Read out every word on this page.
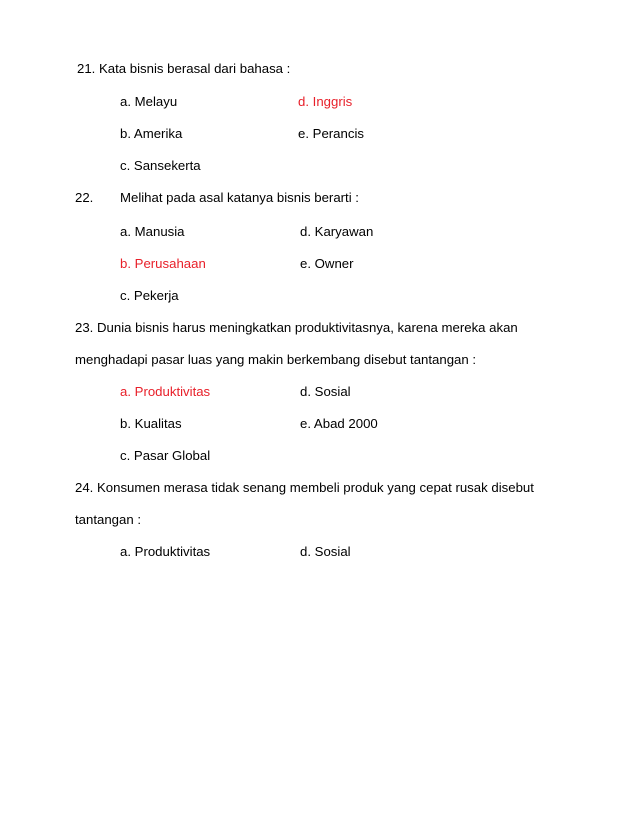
21. Kata bisnis berasal dari bahasa :
a. Melayu	d. Inggris
b. Amerika	e. Perancis
c. Sansekerta
22. Melihat pada asal katanya bisnis berarti :
a. Manusia	d. Karyawan
b. Perusahaan	e. Owner
c. Pekerja
23. Dunia bisnis harus meningkatkan produktivitasnya, karena mereka akan
menghadapi pasar luas yang makin berkembang disebut tantangan :
a. Produktivitas	d. Sosial
b. Kualitas	e. Abad 2000
c. Pasar Global
24. Konsumen merasa tidak senang membeli produk yang cepat rusak disebut
tantangan :
a. Produktivitas	d. Sosial
